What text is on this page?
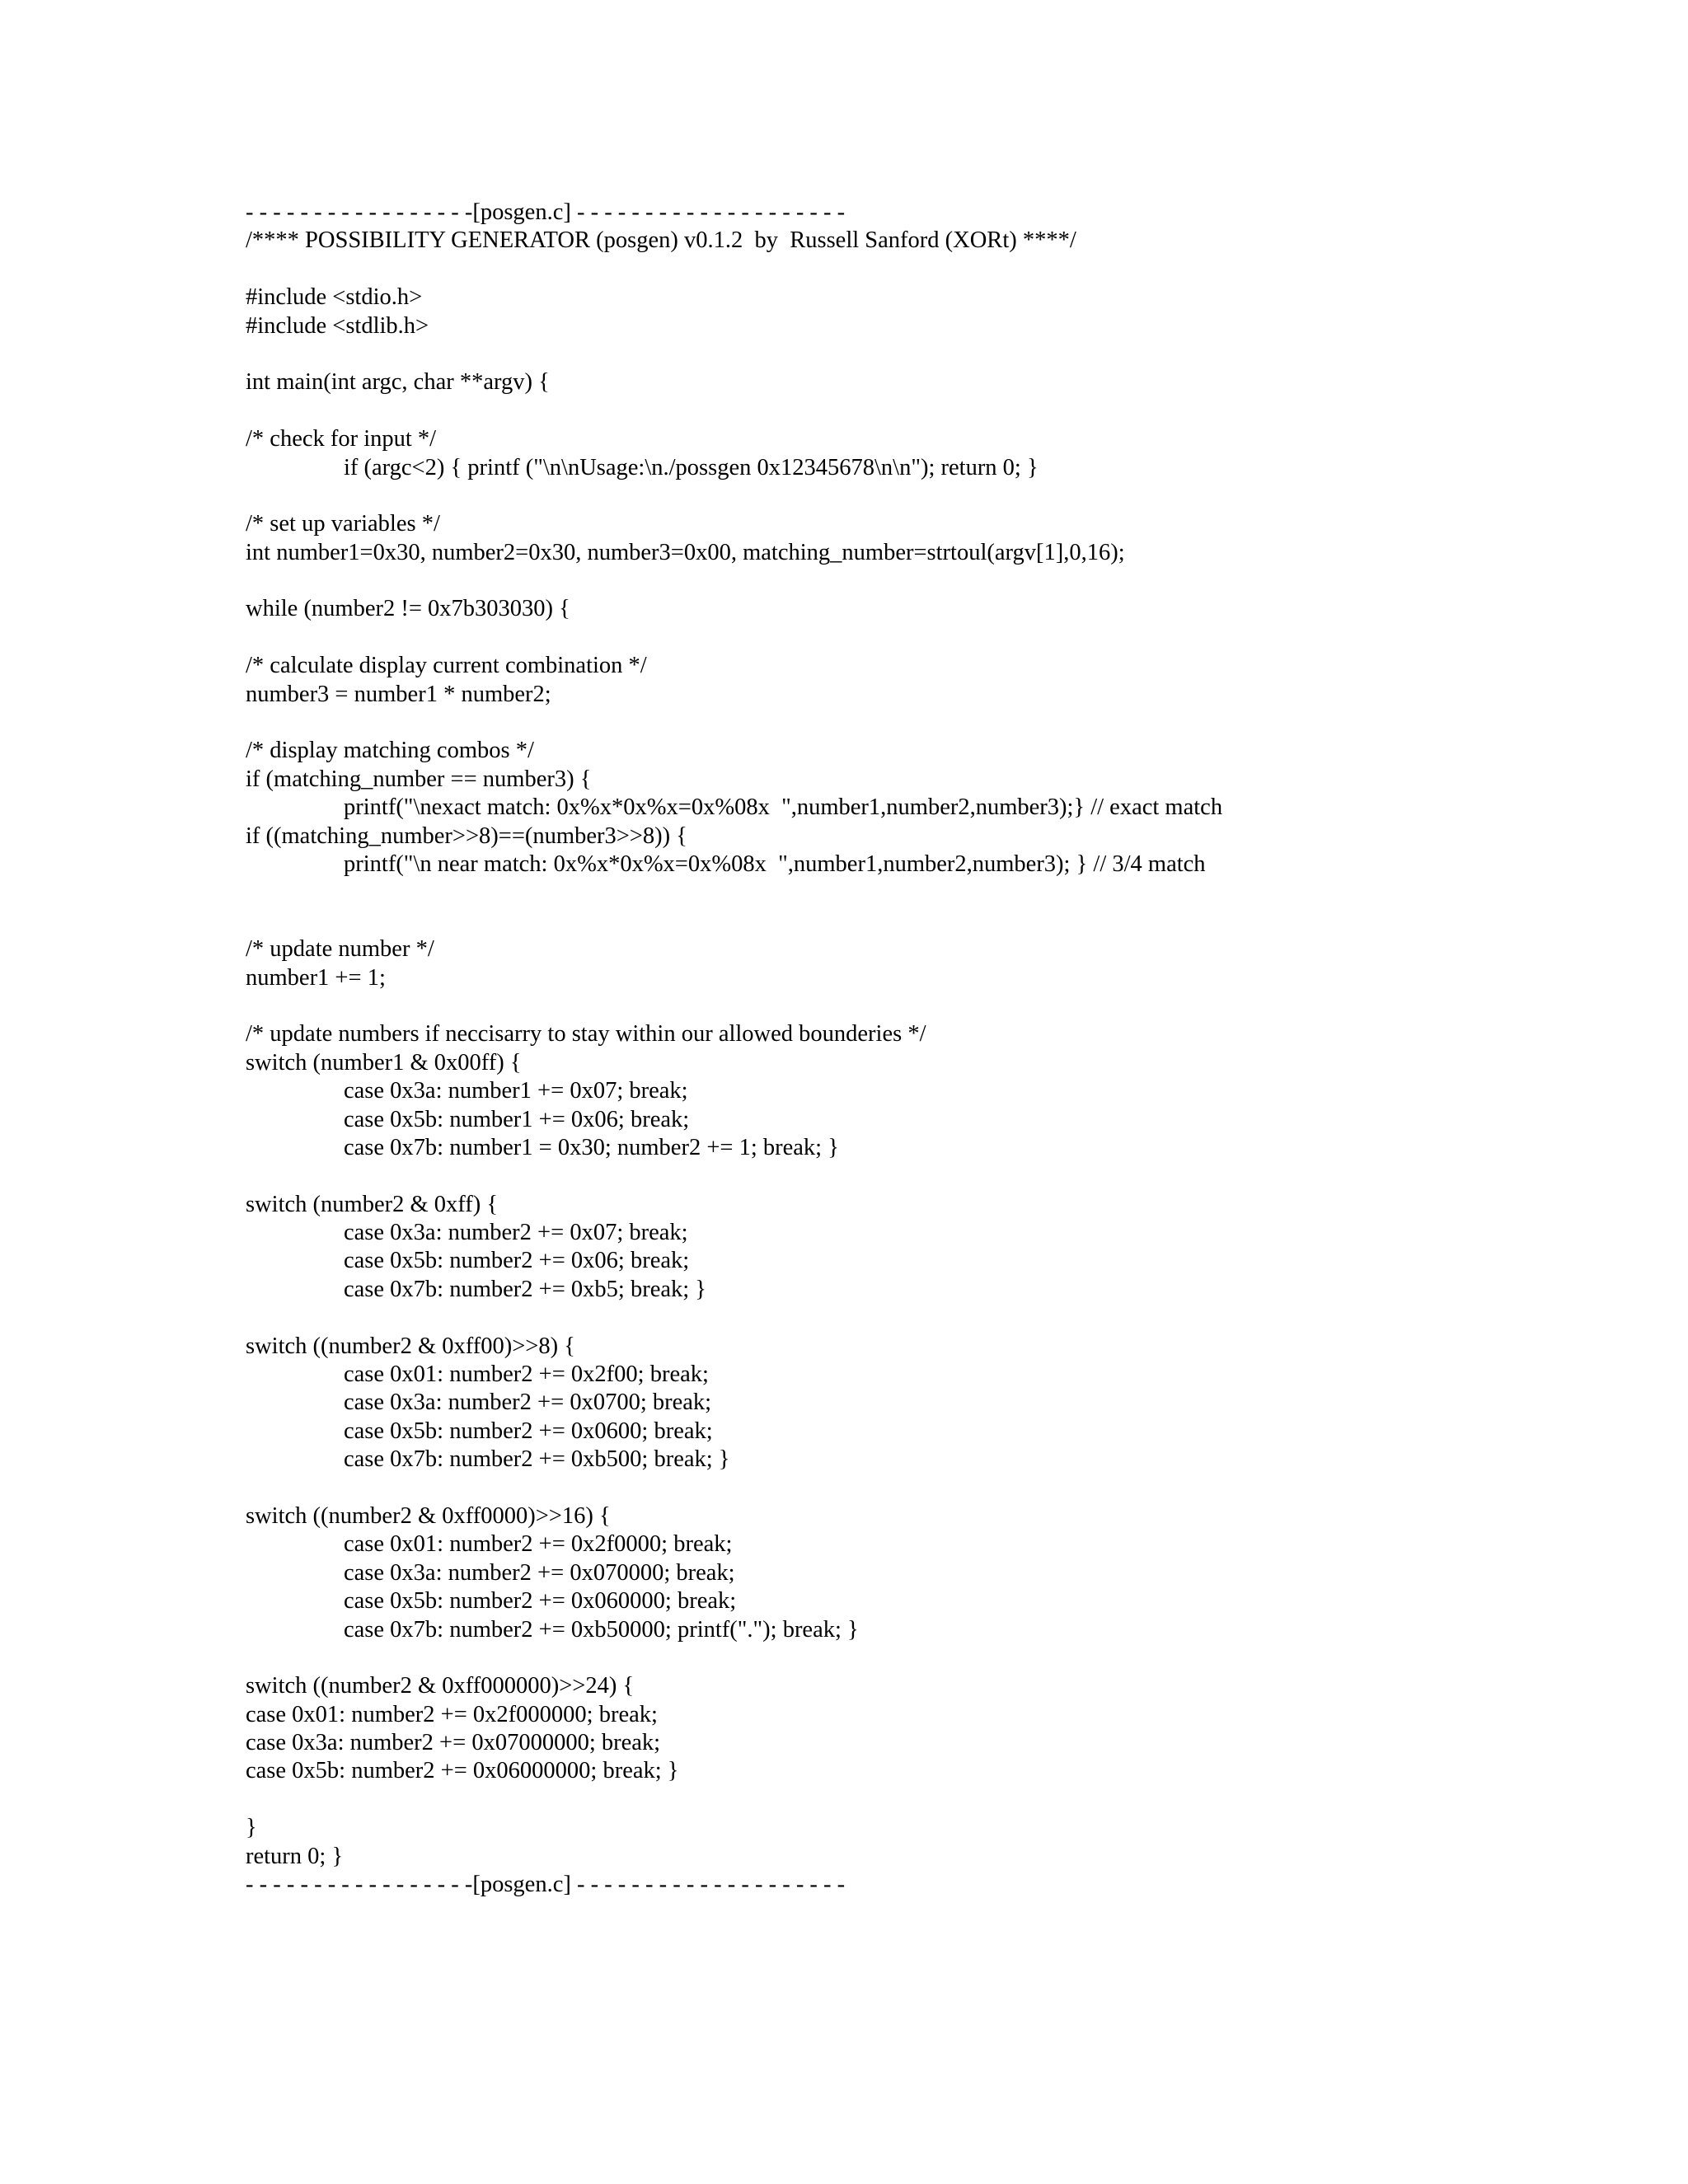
- - - - - - - - - - - - - - - - -[posgen.c] - - - - - - - - - - - - - - - - - - - -
/**** POSSIBILITY GENERATOR (posgen) v0.1.2  by  Russell Sanford (XORt) ****/
#include <stdio.h>
#include <stdlib.h>
int main(int argc, char **argv) {
/* check for input */
if (argc<2) { printf ("\n\nUsage:\n./possgen 0x12345678\n\n"); return 0; }
/* set up variables */
int number1=0x30, number2=0x30, number3=0x00, matching_number=strtoul(argv[1],0,16);
while (number2 != 0x7b303030) {
/* calculate display current combination */
number3 = number1 * number2;
/* display matching combos */
if (matching_number == number3) {
printf("\nexact match: 0x%x*0x%x=0x%08x  ",number1,number2,number3);} // exact match
if ((matching_number>>8)==(number3>>8)) {
printf("\n near match: 0x%x*0x%x=0x%08x  ",number1,number2,number3); } // 3/4 match
/* update number */
number1 += 1;
/* update numbers if neccisarry to stay within our allowed bounderies */
switch (number1 & 0x00ff) {
case 0x3a: number1 += 0x07; break;
case 0x5b: number1 += 0x06; break;
case 0x7b: number1 = 0x30; number2 += 1; break; }
switch (number2 & 0xff) {
case 0x3a: number2 += 0x07; break;
case 0x5b: number2 += 0x06; break;
case 0x7b: number2 += 0xb5; break; }
switch ((number2 & 0xff00)>>8) {
case 0x01: number2 += 0x2f00; break;
case 0x3a: number2 += 0x0700; break;
case 0x5b: number2 += 0x0600; break;
case 0x7b: number2 += 0xb500; break; }
switch ((number2 & 0xff0000)>>16) {
case 0x01: number2 += 0x2f0000; break;
case 0x3a: number2 += 0x070000; break;
case 0x5b: number2 += 0x060000; break;
case 0x7b: number2 += 0xb50000; printf("."); break; }
switch ((number2 & 0xff000000)>>24) {
case 0x01: number2 += 0x2f000000; break;
case 0x3a: number2 += 0x07000000; break;
case 0x5b: number2 += 0x06000000; break; }
}
return 0; }
- - - - - - - - - - - - - - - - -[posgen.c] - - - - - - - - - - - - - - - - - - - -
